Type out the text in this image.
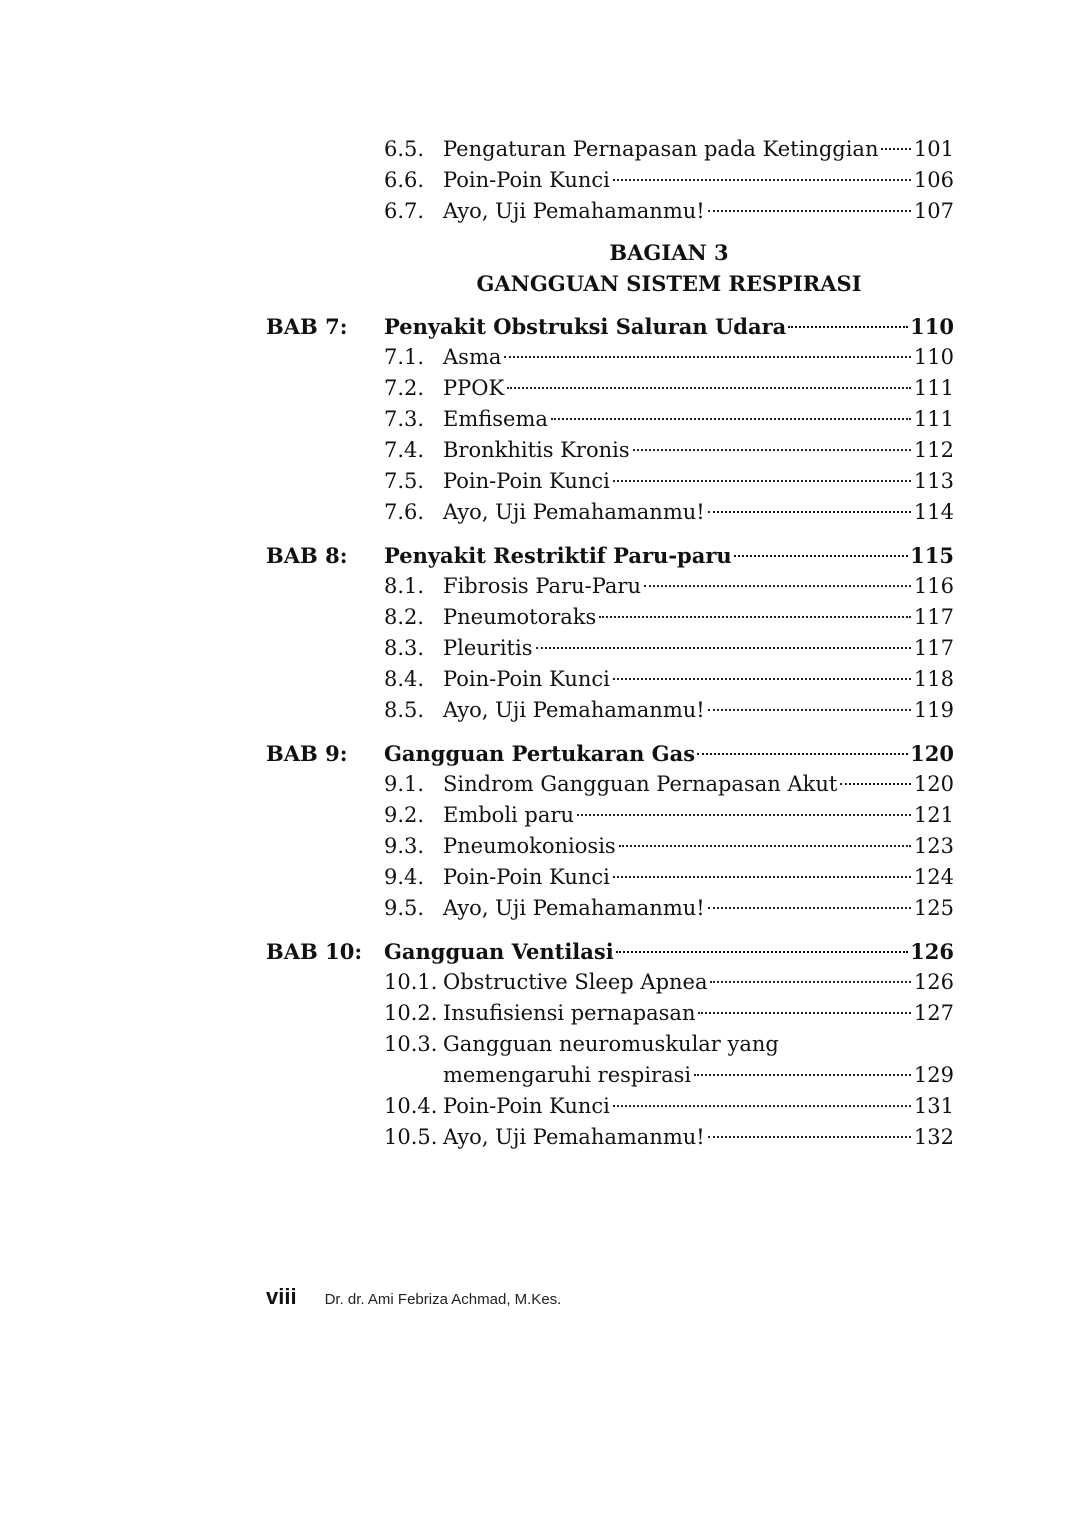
6.5. Pengaturan Pernapasan pada Ketinggian 101
6.6. Poin-Poin Kunci	106
6.7. Ayo, Uji Pemahamanmu!	107
BAGIAN 3
GANGGUAN SISTEM RESPIRASI
BAB 7: Penyakit Obstruksi Saluran Udara	110
7.1. Asma	110
7.2. PPOK	111
7.3. Emfisema	111
7.4. Bronkhitis Kronis	112
7.5. Poin-Poin Kunci	113
7.6. Ayo, Uji Pemahamanmu!	114
BAB 8: Penyakit Restriktif Paru-paru	115
8.1. Fibrosis Paru-Paru	116
8.2. Pneumotoraks	117
8.3. Pleuritis	117
8.4. Poin-Poin Kunci	118
8.5. Ayo, Uji Pemahamanmu!	119
BAB 9: Gangguan Pertukaran Gas	120
9.1. Sindrom Gangguan Pernapasan Akut	120
9.2. Emboli paru	121
9.3. Pneumokoniosis	123
9.4. Poin-Poin Kunci	124
9.5. Ayo, Uji Pemahamanmu!	125
BAB 10: Gangguan Ventilasi	126
10.1. Obstructive Sleep Apnea	126
10.2. Insufisiensi pernapasan	127
10.3. Gangguan neuromuskular yang
memengaruhi respirasi	129
10.4. Poin-Poin Kunci	131
10.5. Ayo, Uji Pemahamanmu!	132
viii Dr. dr. Ami Febriza Achmad, M.Kes.
